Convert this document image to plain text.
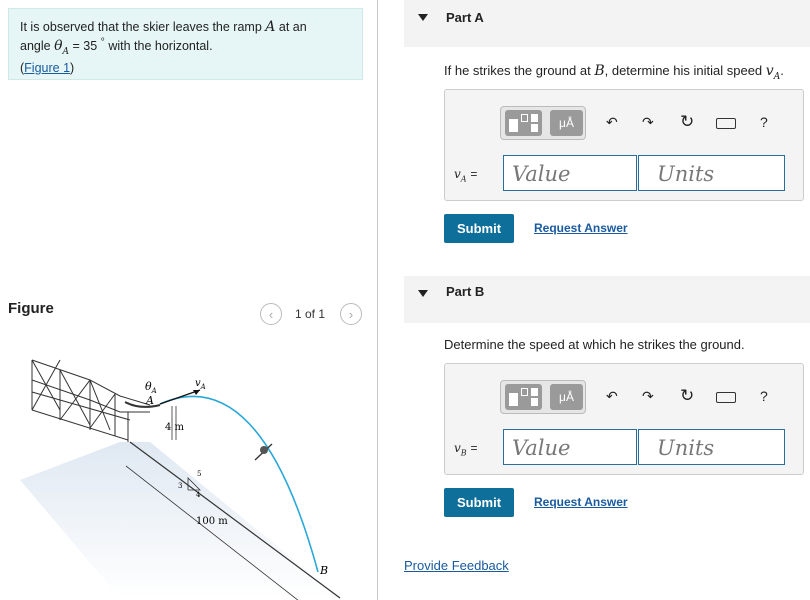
It is observed that the skier leaves the ramp A at an
angle $\theta_A = 35$ ° with the horizontal.
(Figure 1)
Figure	‹ 1 of 1 ›
$\theta_A$
$v_A$
A
4 m
3
4
5
100 m
B
Part A
If he strikes the ground at B, determine his initial speed $v_A$.
μÅ	↶ ↷ ↻	?
$v_A$ =	Value	Units
Submit	Request Answer
Part B
Determine the speed at which he strikes the ground.
μÅ	↶ ↷ ↻	?
$v_B$ =	Value	Units
Submit	Request Answer
Provide Feedback
